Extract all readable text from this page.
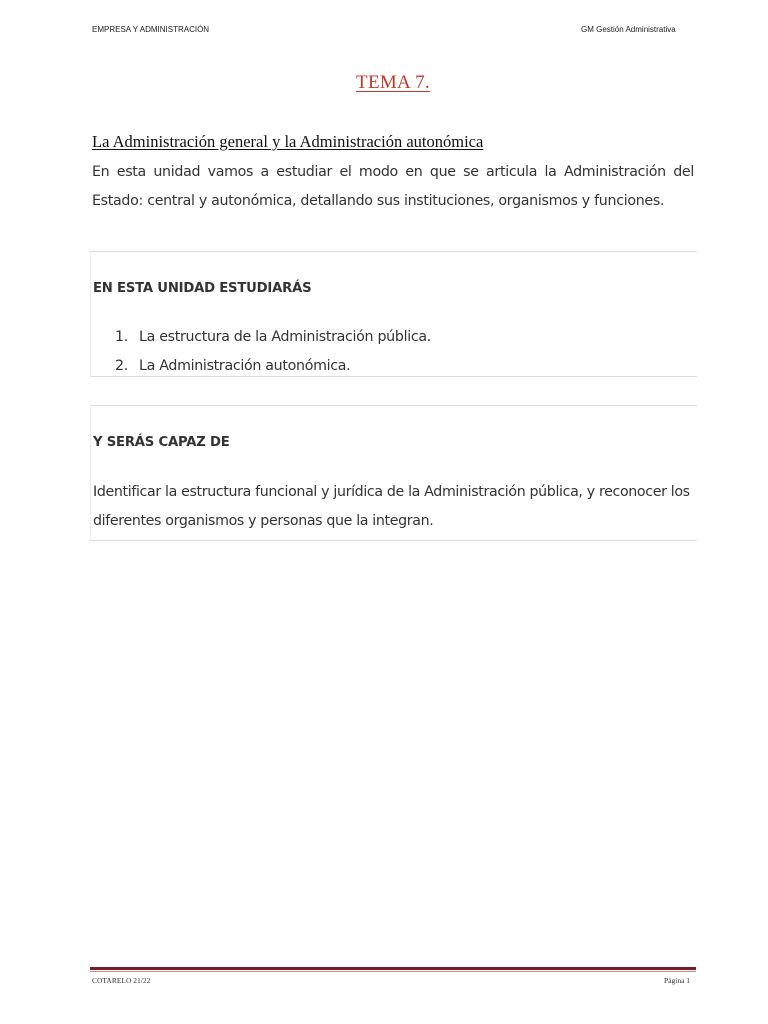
EMPRESA Y ADMINISTRACIÓN	GM Gestión Administrativa
TEMA 7.
La Administración general y la Administración autonómica
En esta unidad vamos a estudiar el modo en que se articula la Administración del Estado: central y autonómica, detallando sus instituciones, organismos y funciones.
EN ESTA UNIDAD ESTUDIARÁS
1. La estructura de la Administración pública.
2. La Administración autonómica.
Y SERÁS CAPAZ DE
Identificar la estructura funcional y jurídica de la Administración pública, y reconocer los diferentes organismos y personas que la integran.
COTARELO 21/22	Página 1
